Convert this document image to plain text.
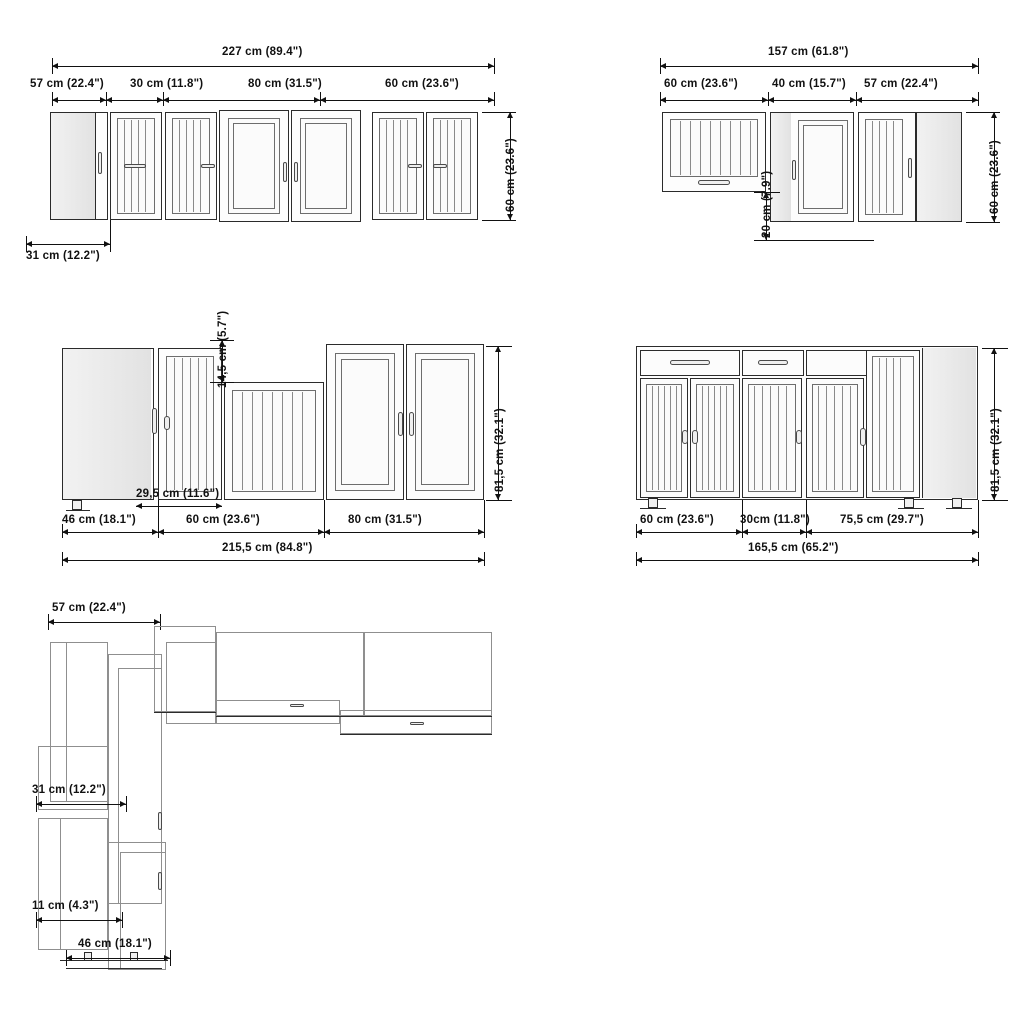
227 cm (89.4")
57 cm (22.4") 30 cm (11.8")	80 cm (31.5")	60 cm (23.6")
60 cm (23.6")
31 cm (12.2")
157 cm (61.8")
60 cm (23.6")	40 cm (15.7") 57 cm (22.4")
20 cm (7.9")	60 cm (23.6")
14,5 cm (5.7")
81,5 cm (32.1")
29,5 cm (11.6")
46 cm (18.1")	60 cm (23.6")	80 cm (31.5")
215,5 cm (84.8")
81,5 cm (32.1")
60 cm (23.6") 30cm (11.8")	75,5 cm (29.7")
165,5 cm (65.2")
57 cm (22.4")
31 cm (12.2")
11 cm (4.3")
46 cm (18.1")
